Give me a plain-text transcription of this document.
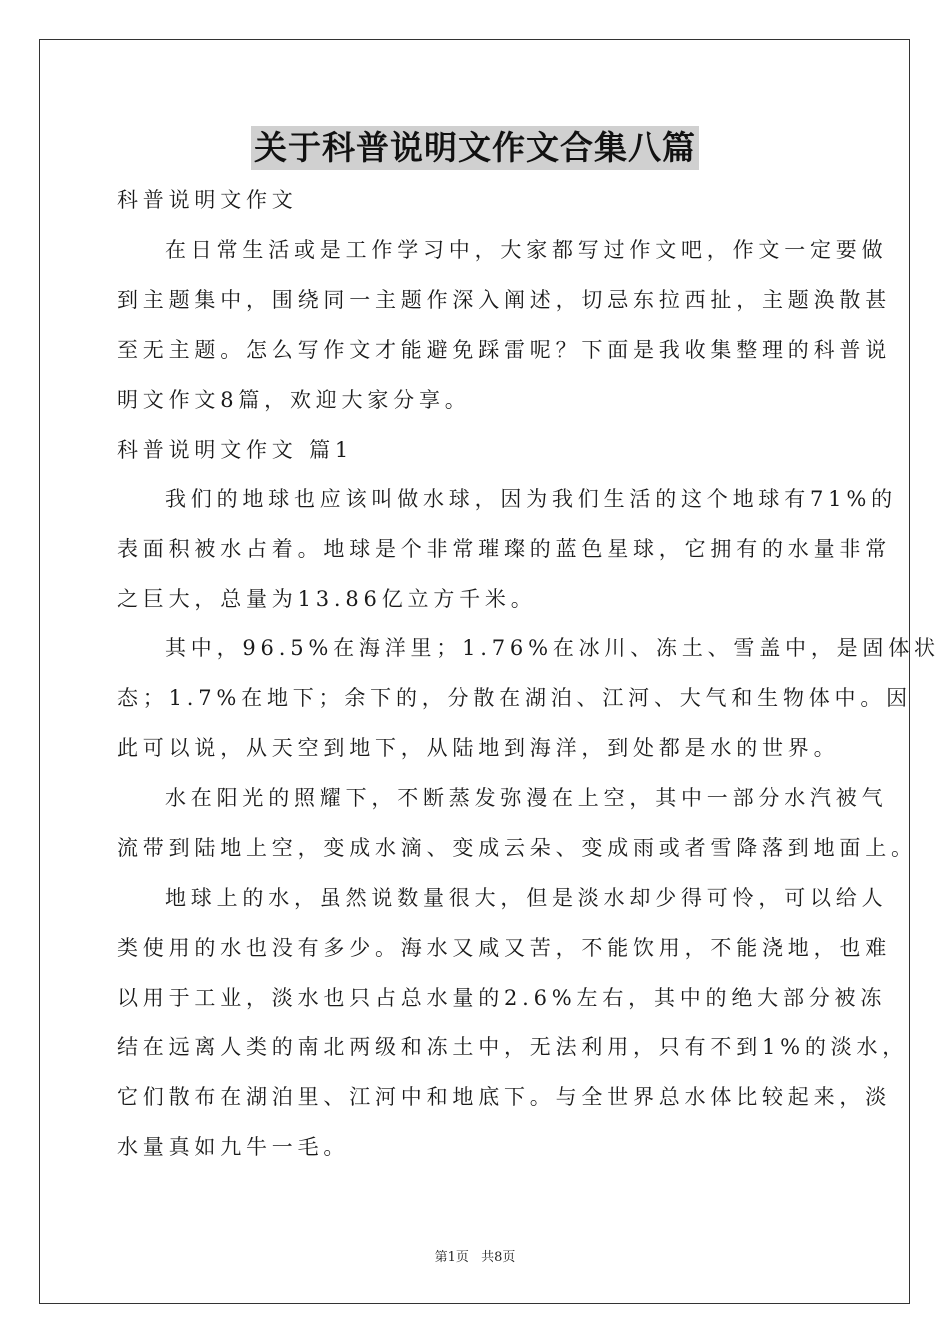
关于科普说明文作文合集八篇
科普说明文作文
在日常生活或是工作学习中，大家都写过作文吧，作文一定要做
到主题集中，围绕同一主题作深入阐述，切忌东拉西扯，主题涣散甚
至无主题。怎么写作文才能避免踩雷呢？下面是我收集整理的科普说
明文作文8篇，欢迎大家分享。
科普说明文作文 篇1
我们的地球也应该叫做水球，因为我们生活的这个地球有71%的
表面积被水占着。地球是个非常璀璨的蓝色星球，它拥有的水量非常
之巨大，总量为13.86亿立方千米。
其中，96.5%在海洋里；1.76%在冰川、冻土、雪盖中，是固体状
态；1.7%在地下；余下的，分散在湖泊、江河、大气和生物体中。因
此可以说，从天空到地下，从陆地到海洋，到处都是水的世界。
水在阳光的照耀下，不断蒸发弥漫在上空，其中一部分水汽被气
流带到陆地上空，变成水滴、变成云朵、变成雨或者雪降落到地面上。
地球上的水，虽然说数量很大，但是淡水却少得可怜，可以给人
类使用的水也没有多少。海水又咸又苦，不能饮用，不能浇地，也难
以用于工业，淡水也只占总水量的2.6%左右，其中的绝大部分被冻
结在远离人类的南北两级和冻土中，无法利用，只有不到1%的淡水，
它们散布在湖泊里、江河中和地底下。与全世界总水体比较起来，淡
水量真如九牛一毛。
第1页 共8页
